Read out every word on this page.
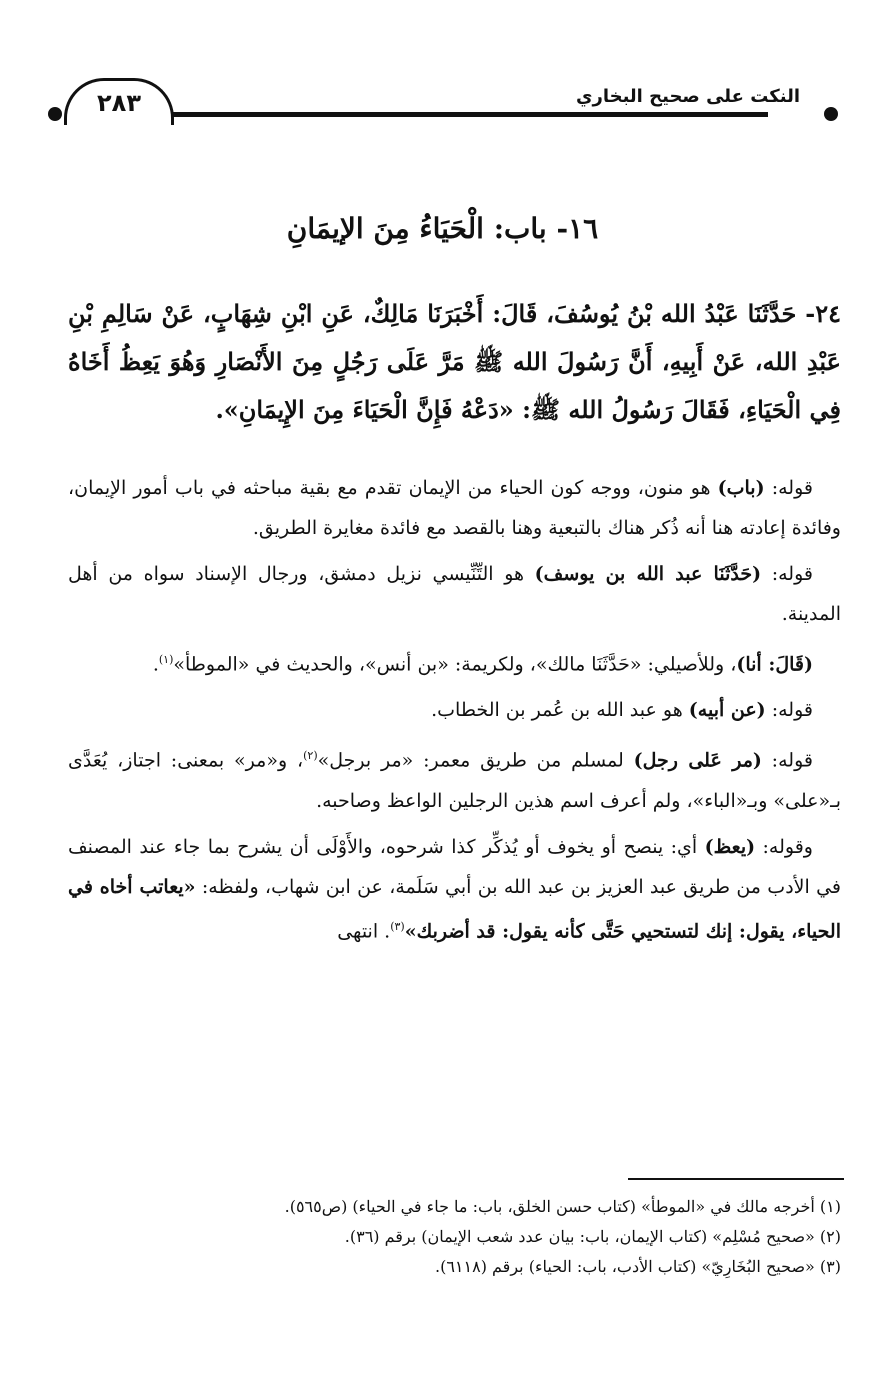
٢٨٣	النكت على صحيح البخاري
١٦- باب: الْحَيَاءُ مِنَ الإيمَانِ
٢٤- حَدَّثَنَا عَبْدُ الله بْنُ يُوسُفَ، قَالَ: أَخْبَرَنَا مَالِكٌ، عَنِ ابْنِ شِهَابٍ، عَنْ سَالِمِ بْنِ عَبْدِ الله، عَنْ أَبِيهِ، أَنَّ رَسُولَ الله ﷺ مَرَّ عَلَى رَجُلٍ مِنَ الأَنْصَارِ وَهُوَ يَعِظُ أَخَاهُ فِي الْحَيَاءِ، فَقَالَ رَسُولُ الله ﷺ: «دَعْهُ فَإِنَّ الْحَيَاءَ مِنَ الإِيمَانِ».

قوله: (باب) هو منون، ووجه كون الحياء من الإيمان تقدم مع بقية مباحثه في باب أمور الإيمان، وفائدة إعادته هنا أنه ذُكر هناك بالتبعية وهنا بالقصد مع فائدة مغايرة الطريق.

قوله: (حَدَّثَنَا عبد الله بن يوسف) هو التِّنِّيسي نزيل دمشق، ورجال الإسناد سواه من أهل المدينة.

(قَالَ: أنا)، وللأصيلي: «حَدَّثَنَا مالك»، ولكريمة: «بن أنس»، والحديث في «الموطأ»$^{(١)}$.

قوله: (عن أبيه) هو عبد الله بن عُمر بن الخطاب.

قوله: (مر عَلى رجل) لمسلم من طريق معمر: «مر برجل»$^{(٢)}$، و«مر» بمعنى: اجتاز، يُعَدَّى بـ«على» وبـ«الباء»، ولم أعرف اسم هذين الرجلين الواعظ وصاحبه.

وقوله: (يعظ) أي: ينصح أو يخوف أو يُذكِّر كذا شرحوه، والأَوْلَى أن يشرح بما جاء عند المصنف في الأدب من طريق عبد العزيز بن عبد الله بن أبي سَلَمة، عن ابن شهاب، ولفظه: «يعاتب أخاه في الحياء، يقول: إنك لتستحيي حَتَّى كأنه يقول: قد أضربك»$^{(٣)}$. انتهى

(١) أخرجه مالك في «الموطأ» (كتاب حسن الخلق، باب: ما جاء في الحياء) (ص٥٦٥).
(٢) «صحيح مُسْلِم» (كتاب الإيمان، باب: بيان عدد شعب الإيمان) برقم (٣٦).
(٣) «صحيح البُخَارِيّ» (كتاب الأدب، باب: الحياء) برقم (٦١١٨).
